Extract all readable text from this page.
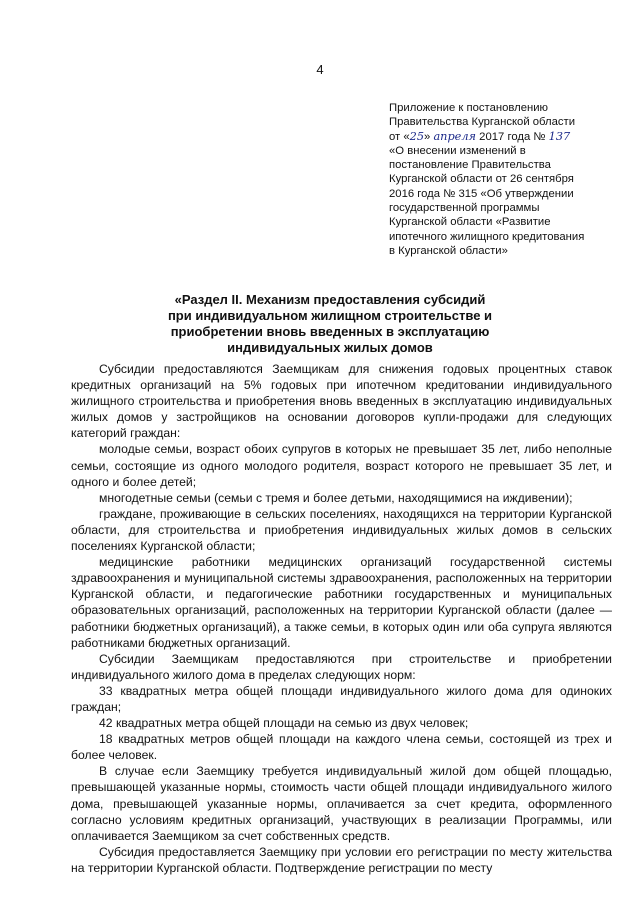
4
Приложение к постановлению
Правительства Курганской области
от «25» апреля 2017 года № 137
«О внесении изменений в
постановление Правительства
Курганской области от 26 сентября
2016 года № 315 «Об утверждении
государственной программы
Курганской области «Развитие
ипотечного жилищного кредитования
в Курганской области»
«Раздел II. Механизм предоставления субсидий
при индивидуальном жилищном строительстве и
приобретении вновь введенных в эксплуатацию
индивидуальных жилых домов

Субсидии предоставляются Заемщикам для снижения годовых процентных ставок кредитных организаций на 5% годовых при ипотечном кредитовании индивидуального жилищного строительства и приобретения вновь введенных в эксплуатацию индивидуальных жилых домов у застройщиков на основании договоров купли-продажи для следующих категорий граждан:

молодые семьи, возраст обоих супругов в которых не превышает 35 лет, либо неполные семьи, состоящие из одного молодого родителя, возраст которого не превышает 35 лет, и одного и более детей;

многодетные семьи (семьи с тремя и более детьми, находящимися на иждивении);

граждане, проживающие в сельских поселениях, находящихся на территории Курганской области, для строительства и приобретения индивидуальных жилых домов в сельских поселениях Курганской области;

медицинские работники медицинских организаций государственной системы здравоохранения и муниципальной системы здравоохранения, расположенных на территории Курганской области, и педагогические работники государственных и муниципальных образовательных организаций, расположенных на территории Курганской области (далее — работники бюджетных организаций), а также семьи, в которых один или оба супруга являются работниками бюджетных организаций.

Субсидии Заемщикам предоставляются при строительстве и приобретении индивидуального жилого дома в пределах следующих норм:

33 квадратных метра общей площади индивидуального жилого дома для одиноких граждан;

42 квадратных метра общей площади на семью из двух человек;

18 квадратных метров общей площади на каждого члена семьи, состоящей из трех и более человек.

В случае если Заемщику требуется индивидуальный жилой дом общей площадью, превышающей указанные нормы, стоимость части общей площади индивидуального жилого дома, превышающей указанные нормы, оплачивается за счет кредита, оформленного согласно условиям кредитных организаций, участвующих в реализации Программы, или оплачивается Заемщиком за счет собственных средств.

Субсидия предоставляется Заемщику при условии его регистрации по месту жительства на территории Курганской области. Подтверждение регистрации по месту
